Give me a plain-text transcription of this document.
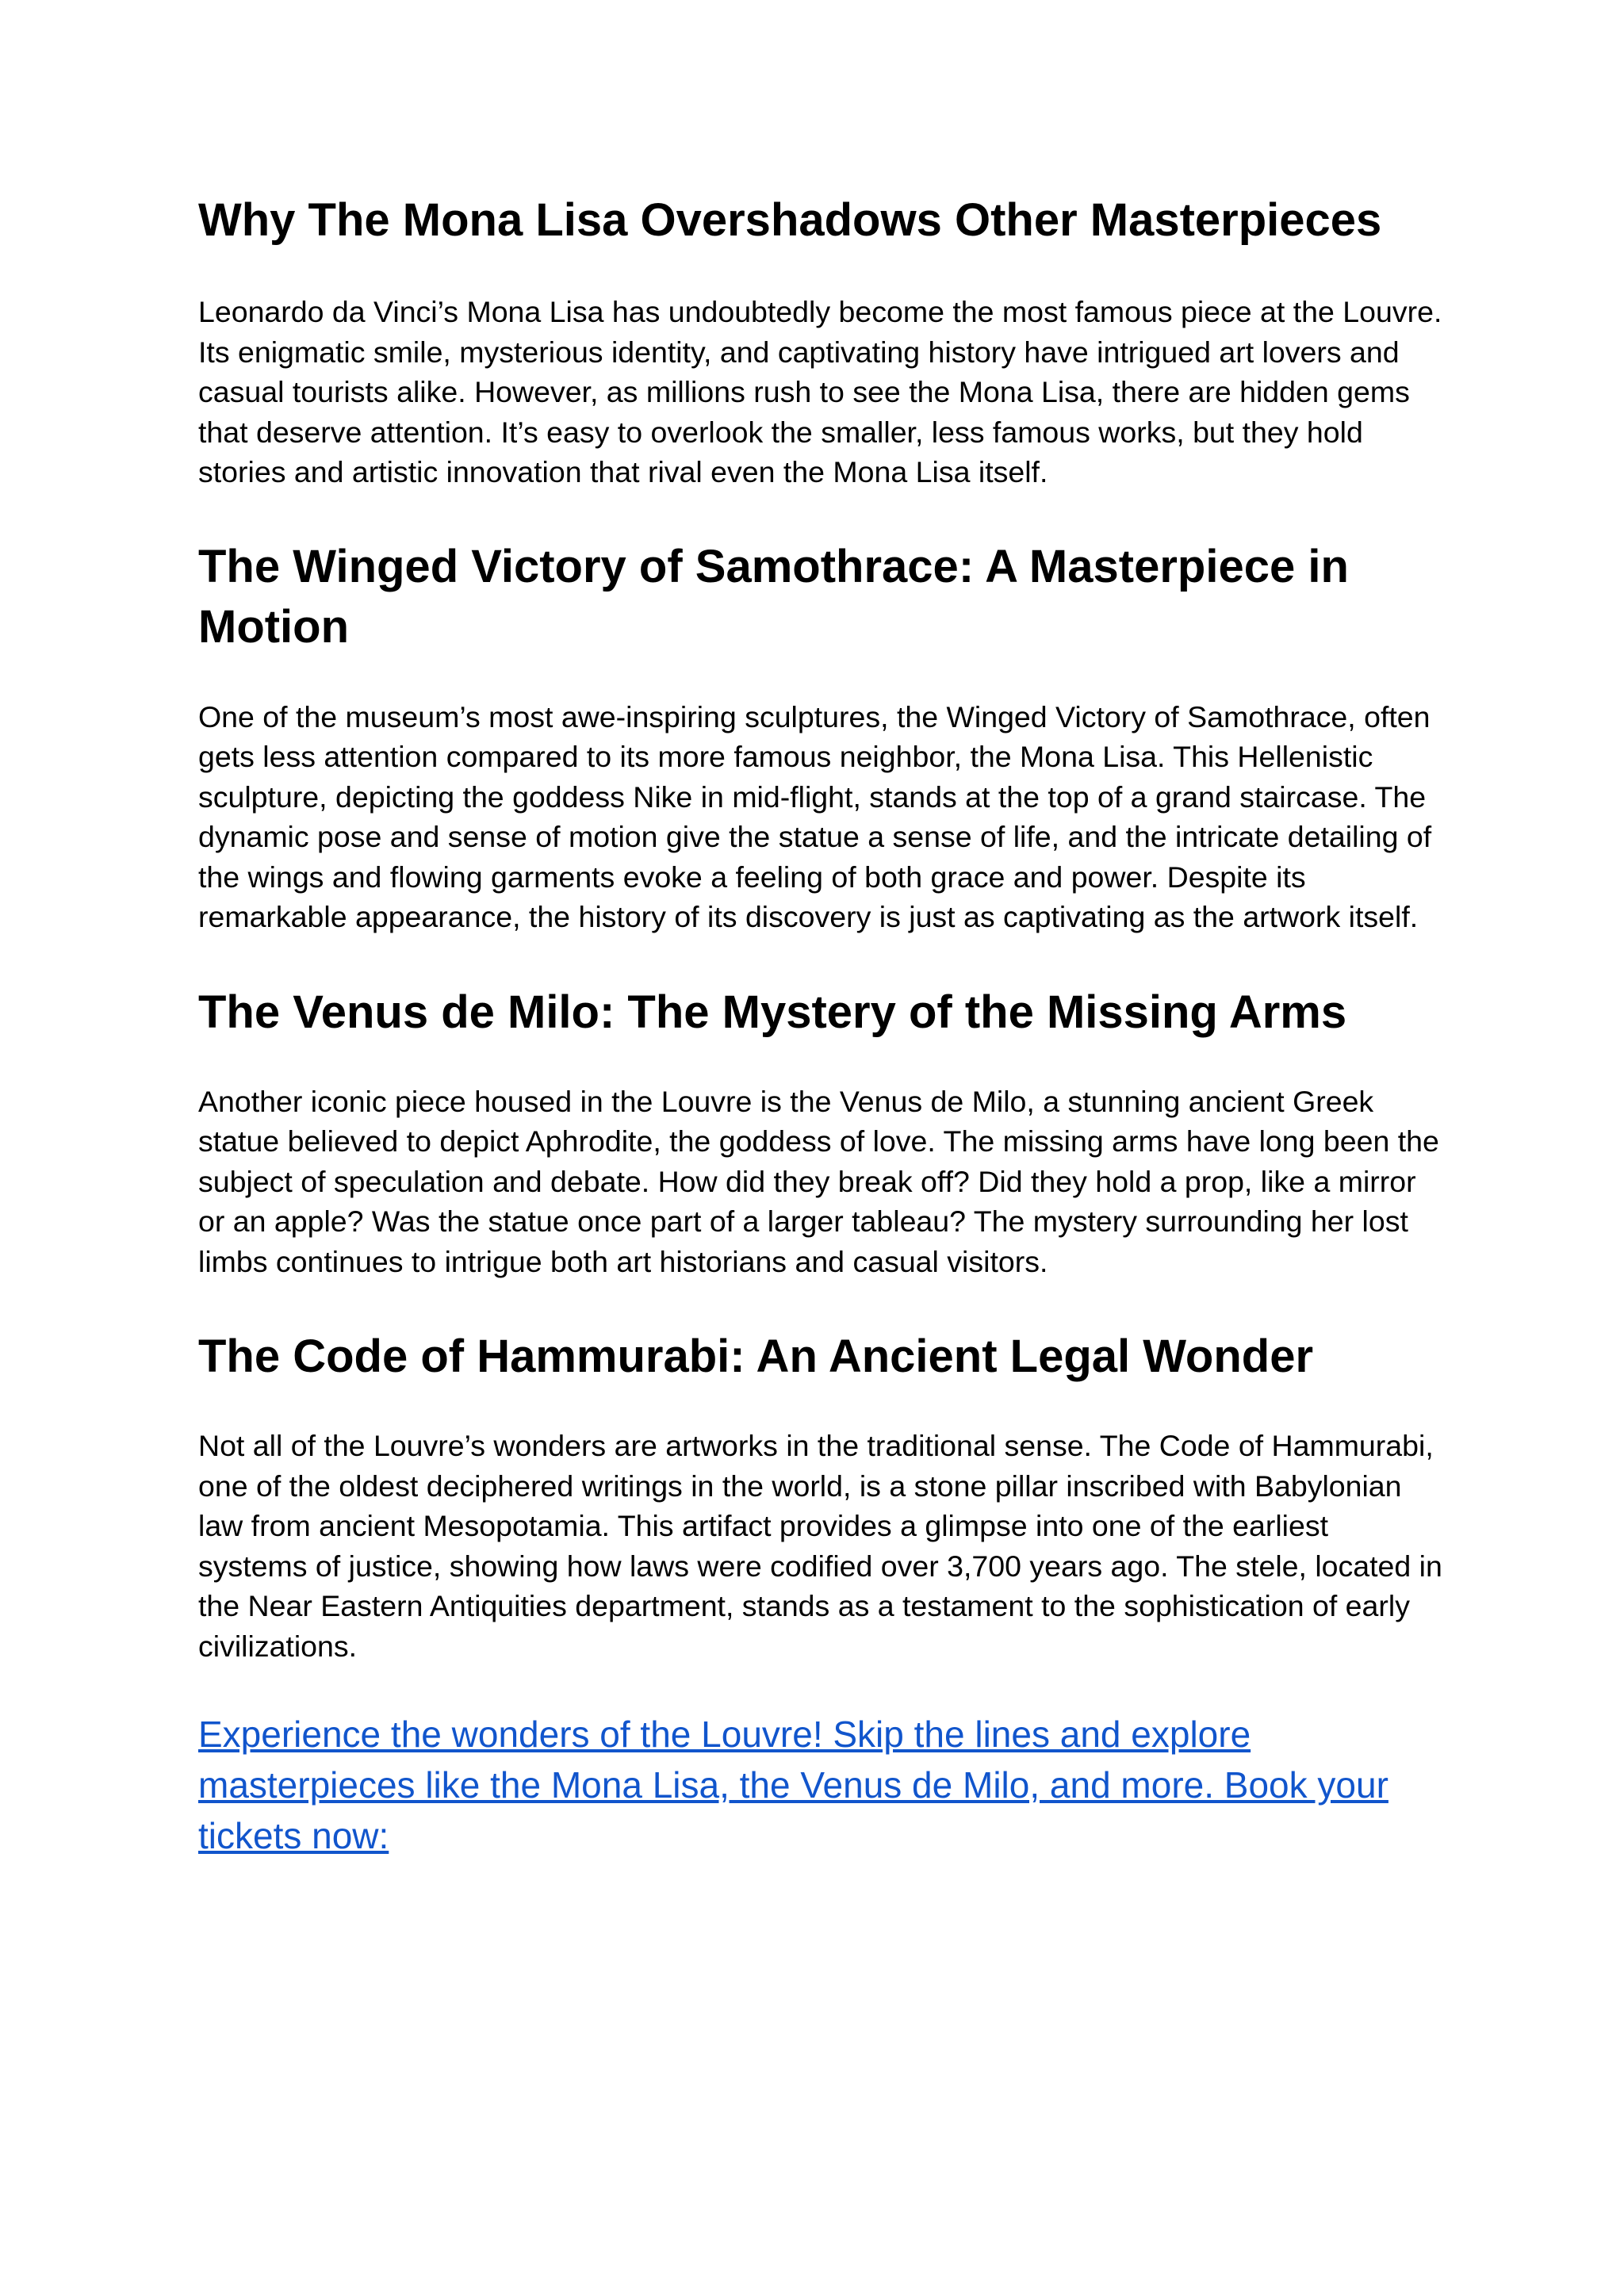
Why The Mona Lisa Overshadows Other Masterpieces

Leonardo da Vinci’s Mona Lisa has undoubtedly become the most famous piece at the Louvre. Its enigmatic smile, mysterious identity, and captivating history have intrigued art lovers and casual tourists alike. However, as millions rush to see the Mona Lisa, there are hidden gems that deserve attention. It’s easy to overlook the smaller, less famous works, but they hold stories and artistic innovation that rival even the Mona Lisa itself.

The Winged Victory of Samothrace: A Masterpiece in Motion

One of the museum’s most awe-inspiring sculptures, the Winged Victory of Samothrace, often gets less attention compared to its more famous neighbor, the Mona Lisa. This Hellenistic sculpture, depicting the goddess Nike in mid-flight, stands at the top of a grand staircase. The dynamic pose and sense of motion give the statue a sense of life, and the intricate detailing of the wings and flowing garments evoke a feeling of both grace and power. Despite its remarkable appearance, the history of its discovery is just as captivating as the artwork itself.

The Venus de Milo: The Mystery of the Missing Arms

Another iconic piece housed in the Louvre is the Venus de Milo, a stunning ancient Greek statue believed to depict Aphrodite, the goddess of love. The missing arms have long been the subject of speculation and debate. How did they break off? Did they hold a prop, like a mirror or an apple? Was the statue once part of a larger tableau? The mystery surrounding her lost limbs continues to intrigue both art historians and casual visitors.

The Code of Hammurabi: An Ancient Legal Wonder

Not all of the Louvre’s wonders are artworks in the traditional sense. The Code of Hammurabi, one of the oldest deciphered writings in the world, is a stone pillar inscribed with Babylonian law from ancient Mesopotamia. This artifact provides a glimpse into one of the earliest systems of justice, showing how laws were codified over 3,700 years ago. The stele, located in the Near Eastern Antiquities department, stands as a testament to the sophistication of early civilizations.

Experience the wonders of the Louvre! Skip the lines and explore masterpieces like the Mona Lisa, the Venus de Milo, and more. Book your tickets now:
